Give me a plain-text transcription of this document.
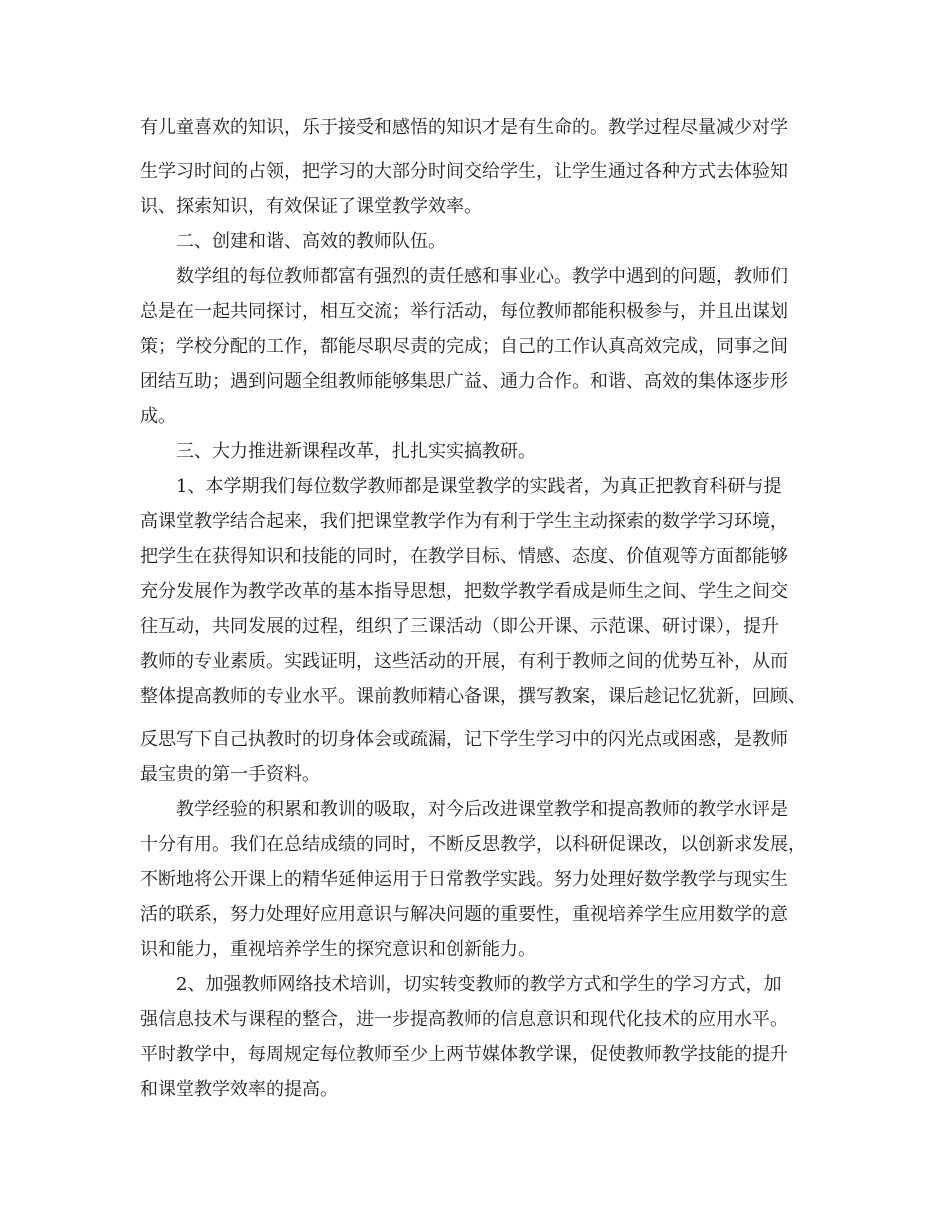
有儿童喜欢的知识，乐于接受和感悟的知识才是有生命的。教学过程尽量减少对学
生学习时间的占领，把学习的大部分时间交给学生，让学生通过各种方式去体验知
识、探索知识，有效保证了课堂教学效率。
二、创建和谐、高效的教师队伍。
数学组的每位教师都富有强烈的责任感和事业心。教学中遇到的问题，教师们
总是在一起共同探讨，相互交流；举行活动，每位教师都能积极参与，并且出谋划
策；学校分配的工作，都能尽职尽责的完成；自己的工作认真高效完成，同事之间
团结互助；遇到问题全组教师能够集思广益、通力合作。和谐、高效的集体逐步形
成。
三、大力推进新课程改革，扎扎实实搞教研。
1、本学期我们每位数学教师都是课堂教学的实践者，为真正把教育科研与提
高课堂教学结合起来，我们把课堂教学作为有利于学生主动探索的数学学习环境，
把学生在获得知识和技能的同时，在教学目标、情感、态度、价值观等方面都能够
充分发展作为教学改革的基本指导思想，把数学教学看成是师生之间、学生之间交
往互动，共同发展的过程，组织了三课活动（即公开课、示范课、研讨课），提升
教师的专业素质。实践证明，这些活动的开展，有利于教师之间的优势互补，从而
整体提高教师的专业水平。课前教师精心备课，撰写教案，课后趁记忆犹新，回顾、
反思写下自己执教时的切身体会或疏漏，记下学生学习中的闪光点或困惑，是教师
最宝贵的第一手资料。
教学经验的积累和教训的吸取，对今后改进课堂教学和提高教师的教学水评是
十分有用。我们在总结成绩的同时，不断反思教学，以科研促课改，以创新求发展，
不断地将公开课上的精华延伸运用于日常教学实践。努力处理好数学教学与现实生
活的联系，努力处理好应用意识与解决问题的重要性，重视培养学生应用数学的意
识和能力，重视培养学生的探究意识和创新能力。
2、加强教师网络技术培训，切实转变教师的教学方式和学生的学习方式，加
强信息技术与课程的整合，进一步提高教师的信息意识和现代化技术的应用水平。
平时教学中，每周规定每位教师至少上两节媒体教学课，促使教师教学技能的提升
和课堂教学效率的提高。
